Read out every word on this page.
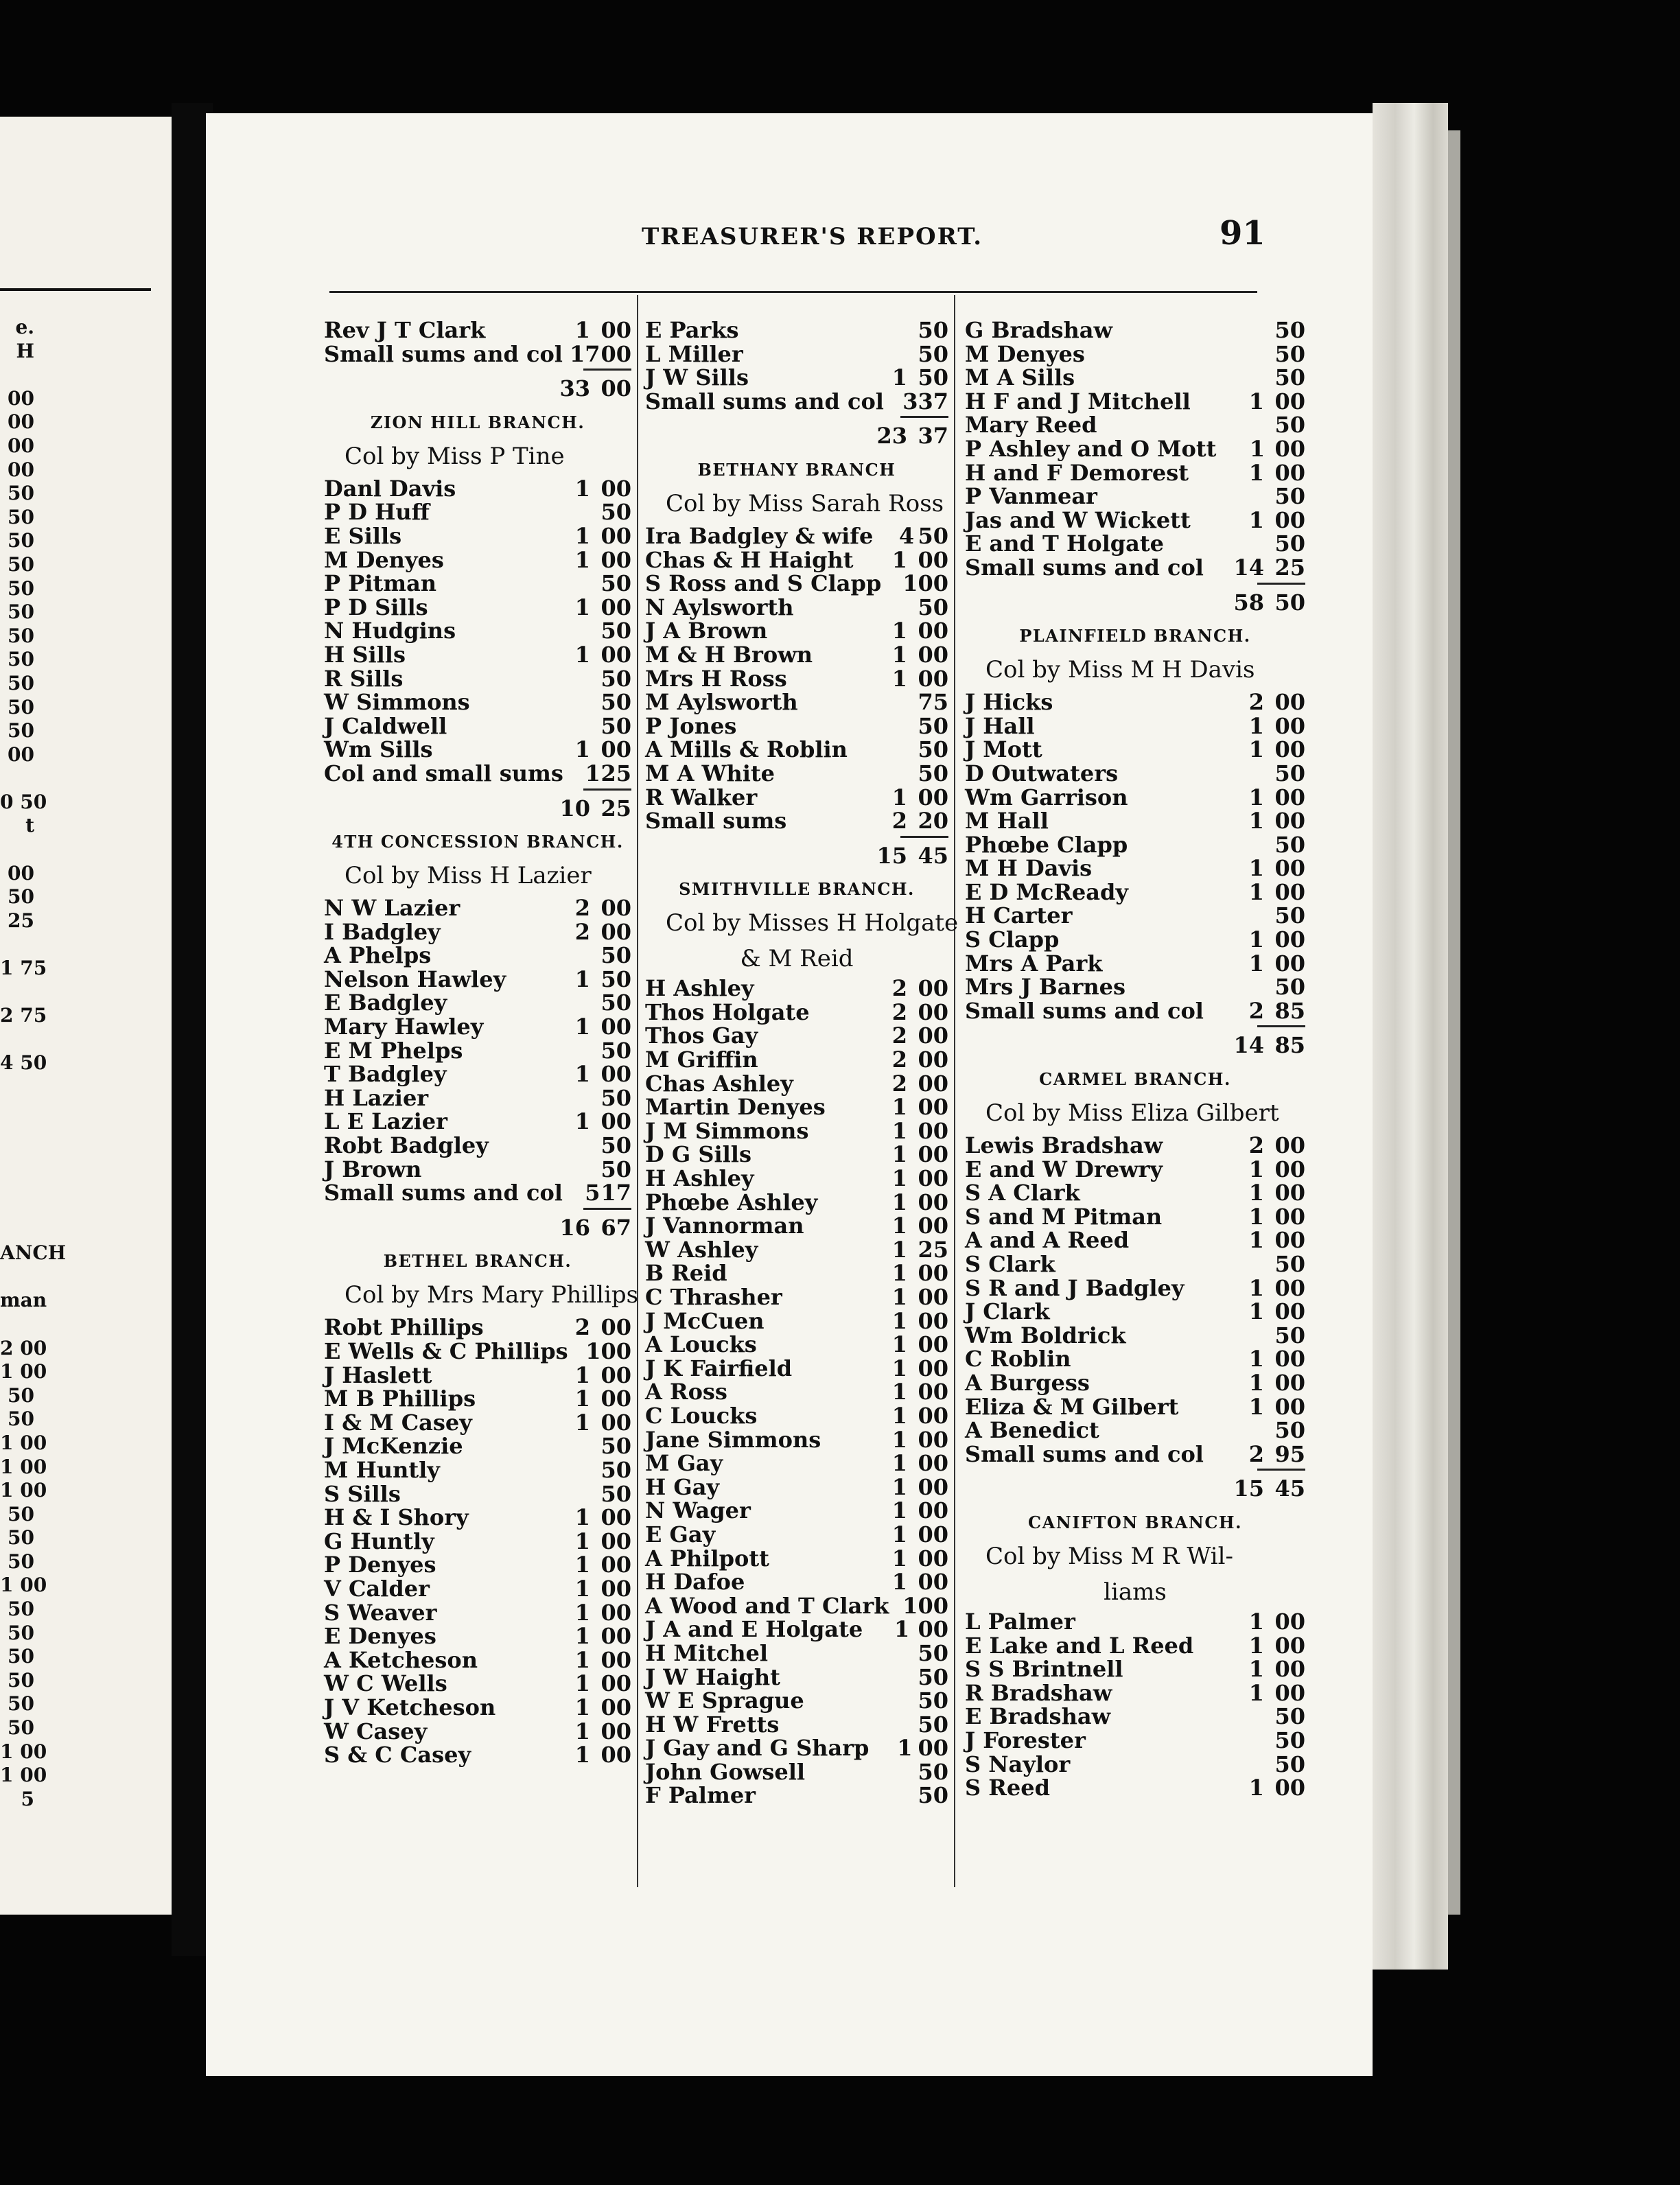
e.
H
00
00
00
00
50
50
50
50
50
50
50
50
50
50
50
00
0 50
t
00
50
25
1 75
2 75
4 50
ANCH
man
2 00
1 00
50
50
1 00
1 00
1 00
50
50
50
1 00
50
50
50
50
50
50
1 00
1 00
5
TREASURER'S REPORT.	91
Rev J T Clark	1 00
Small sums and col 17 00
33 00
ZION HILL BRANCH.
Col by Miss P Tine
Danl Davis	1 00
P D Huff	50
E Sills	1 00
M Denyes	1 00
P Pitman	50
P D Sills	1 00
N Hudgins	50
H Sills	1 00
R Sills	50
W Simmons	50
J Caldwell	50
Wm Sills	1 00
Col and small sums 1 25
10 25
4TH CONCESSION BRANCH.
Col by Miss H Lazier
N W Lazier	2 00
I Badgley	2 00
A Phelps	50
Nelson Hawley	1 50
E Badgley	50
Mary Hawley	1 00
E M Phelps	50
T Badgley	1 00
H Lazier	50
L E Lazier	1 00
Robt Badgley	50
J Brown	50
Small sums and col	5 17
16 67
BETHEL BRANCH.
Col by Mrs Mary Phillips
Robt Phillips	2 00
E Wells & C Phillips 1 00
J Haslett	1 00
M B Phillips	1 00
I & M Casey	1 00
J McKenzie	50
M Huntly	50
S Sills	50
H & I Shory	1 00
G Huntly	1 00
P Denyes	1 00
V Calder	1 00
S Weaver	1 00
E Denyes	1 00
A Ketcheson	1 00
W C Wells	1 00
J V Ketcheson	1 00
W Casey	1 00
S & C Casey	1 00
E Parks	50
L Miller	50
J W Sills	1 50
Small sums and col 3 37
23 37
BETHANY BRANCH
Col by Miss Sarah Ross
Ira Badgley & wife	4 50
Chas & H Haight	1 00
S Ross and S Clapp 1 00
N Aylsworth	50
J A Brown	1 00
M & H Brown	1 00
Mrs H Ross	1 00
M Aylsworth	75
P Jones	50
A Mills & Roblin	50
M A White	50
R Walker	1 00
Small sums	2 20
15 45
SMITHVILLE BRANCH.
Col by Misses H Holgate
& M Reid
H Ashley	2 00
Thos Holgate	2 00
Thos Gay	2 00
M Griffin	2 00
Chas Ashley	2 00
Martin Denyes	1 00
J M Simmons	1 00
D G Sills	1 00
H Ashley	1 00
Phœbe Ashley	1 00
J Vannorman	1 00
W Ashley	1 25
B Reid	1 00
C Thrasher	1 00
J McCuen	1 00
A Loucks	1 00
J K Fairfield	1 00
A Ross	1 00
C Loucks	1 00
Jane Simmons	1 00
M Gay	1 00
H Gay	1 00
N Wager	1 00
E Gay	1 00
A Philpott	1 00
H Dafoe	1 00
A Wood and T Clark 1 00
J A and E Holgate	1 00
H Mitchel	50
J W Haight	50
W E Sprague	50
H W Fretts	50
J Gay and G Sharp	1 00
John Gowsell	50
F Palmer	50
G Bradshaw	50
M Denyes	50
M A Sills	50
H F and J Mitchell	1 00
Mary Reed	50
P Ashley and O Mott	1 00
H and F Demorest	1 00
P Vanmear	50
Jas and W Wickett	1 00
E and T Holgate	50
Small sums and col	14 25
58 50
PLAINFIELD BRANCH.
Col by Miss M H Davis
J Hicks	2 00
J Hall	1 00
J Mott	1 00
D Outwaters	50
Wm Garrison	1 00
M Hall	1 00
Phœbe Clapp	50
M H Davis	1 00
E D McReady	1 00
H Carter	50
S Clapp	1 00
Mrs A Park	1 00
Mrs J Barnes	50
Small sums and col	2 85
14 85
CARMEL BRANCH.
Col by Miss Eliza Gilbert
Lewis Bradshaw	2 00
E and W Drewry	1 00
S A Clark	1 00
S and M Pitman	1 00
A and A Reed	1 00
S Clark	50
S R and J Badgley	1 00
J Clark	1 00
Wm Boldrick	50
C Roblin	1 00
A Burgess	1 00
Eliza & M Gilbert	1 00
A Benedict	50
Small sums and col	2 95
15 45
CANIFTON BRANCH.
Col by Miss M R Wil-
liams
L Palmer	1 00
E Lake and L Reed	1 00
S S Brintnell	1 00
R Bradshaw	1 00
E Bradshaw	50
J Forester	50
S Naylor	50
S Reed	1 00
